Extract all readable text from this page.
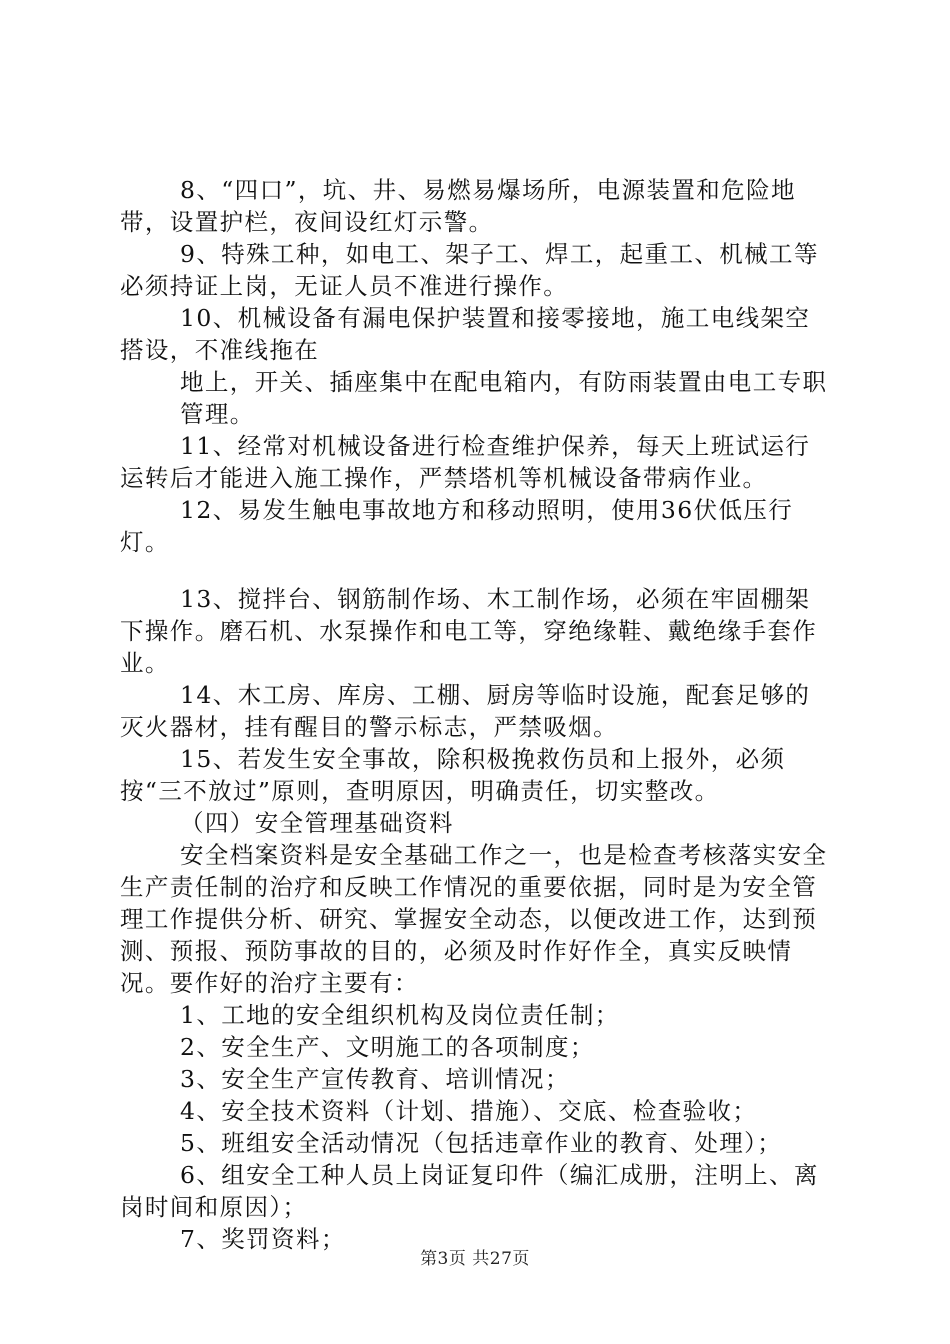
8、“四口”，坑、井、易燃易爆场所，电源装置和危险地带，设置护栏，夜间设红灯示警。

9、特殊工种，如电工、架子工、焊工，起重工、机械工等必须持证上岗，无证人员不准进行操作。

10、机械设备有漏电保护装置和接零接地，施工电线架空搭设，不准线拖在

地上，开关、插座集中在配电箱内，有防雨装置由电工专职管理。

11、经常对机械设备进行检查维护保养，每天上班试运行运转后才能进入施工操作，严禁塔机等机械设备带病作业。

12、易发生触电事故地方和移动照明，使用36伏低压行灯。

13、搅拌台、钢筋制作场、木工制作场，必须在牢固棚架下操作。磨石机、水泵操作和电工等，穿绝缘鞋、戴绝缘手套作业。

14、木工房、库房、工棚、厨房等临时设施，配套足够的灭火器材，挂有醒目的警示标志，严禁吸烟。

15、若发生安全事故，除积极挽救伤员和上报外，必须按“三不放过”原则，查明原因，明确责任，切实整改。

（四）安全管理基础资料

安全档案资料是安全基础工作之一，也是检查考核落实安全生产责任制的治疗和反映工作情况的重要依据，同时是为安全管理工作提供分析、研究、掌握安全动态，以便改进工作，达到预测、预报、预防事故的目的，必须及时作好作全，真实反映情况。要作好的治疗主要有：

1、工地的安全组织机构及岗位责任制；

2、安全生产、文明施工的各项制度；

3、安全生产宣传教育、培训情况；

4、安全技术资料（计划、措施）、交底、检查验收；

5、班组安全活动情况（包括违章作业的教育、处理）；

6、组安全工种人员上岗证复印件（编汇成册，注明上、离岗时间和原因）；

7、奖罚资料；

第3页 共27页
